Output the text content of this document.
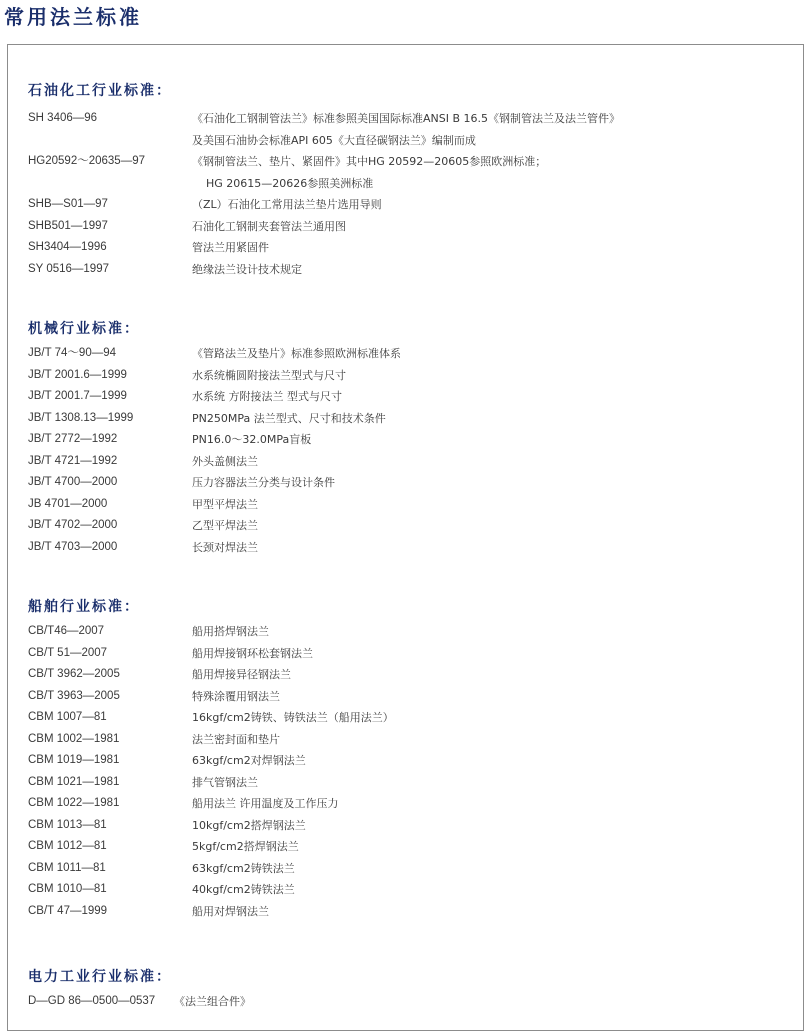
常用法兰标准
石油化工行业标准：
SH 3406—96	《石油化工钢制管法兰》标准参照美国国际标准ANSI B 16.5《钢制管法兰及法兰管件》
及美国石油协会标准API 605《大直径碳钢法兰》编制而成
HG20592～20635—97	《钢制管法兰、垫片、紧固件》其中HG 20592—20605参照欧洲标准；
HG 20615—20626参照美洲标准
SHB—S01—97	（ZL）石油化工常用法兰垫片选用导则
SHB501—1997	石油化工钢制夹套管法兰通用图
SH3404—1996	管法兰用紧固件
SY 0516—1997	绝缘法兰设计技术规定
机械行业标准：
JB/T 74～90—94	《管路法兰及垫片》标准参照欧洲标准体系
JB/T 2001.6—1999	水系统椭圆附接法兰型式与尺寸
JB/T 2001.7—1999	水系统 方附接法兰 型式与尺寸
JB/T 1308.13—1999	PN250MPa 法兰型式、尺寸和技术条件
JB/T 2772—1992	PN16.0～32.0MPa盲板
JB/T 4721—1992	外头盖侧法兰
JB/T 4700—2000	压力容器法兰分类与设计条件
JB 4701—2000	甲型平焊法兰
JB/T 4702—2000	乙型平焊法兰
JB/T 4703—2000	长颈对焊法兰
船舶行业标准：
CB/T46—2007	船用搭焊钢法兰
CB/T 51—2007	船用焊接钢环松套钢法兰
CB/T 3962—2005	船用焊接异径钢法兰
CB/T 3963—2005	特殊涂覆用钢法兰
CBM 1007—81	16kgf/cm2铸铁、铸铁法兰（船用法兰）
CBM 1002—1981	法兰密封面和垫片
CBM 1019—1981	63kgf/cm2对焊钢法兰
CBM 1021—1981	排气管钢法兰
CBM 1022—1981	船用法兰 许用温度及工作压力
CBM 1013—81	10kgf/cm2搭焊钢法兰
CBM 1012—81	5kgf/cm2搭焊钢法兰
CBM 1011—81	63kgf/cm2铸铁法兰
CBM 1010—81	40kgf/cm2铸铁法兰
CB/T 47—1999	船用对焊钢法兰
电力工业行业标准：
D—GD 86—0500—0537	《法兰组合件》
